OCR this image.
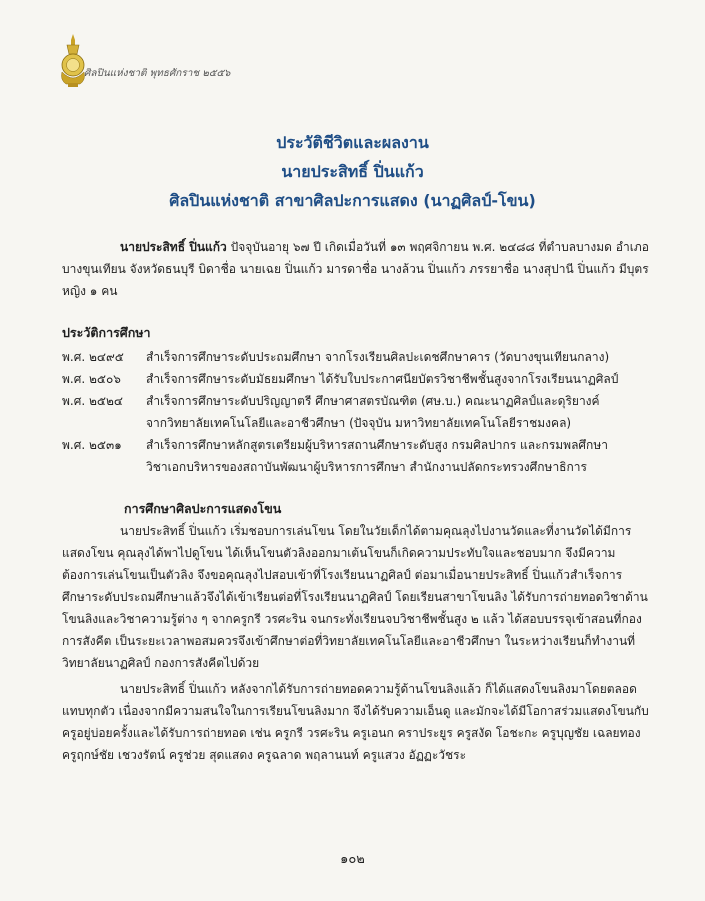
ศิลปินแห่งชาติ พุทธศักราช ๒๕๕๖

ประวัติชีวิตและผลงาน

นายประสิทธิ์ ปิ่นแก้ว

ศิลปินแห่งชาติ สาขาศิลปะการแสดง (นาฏศิลป์-โขน)

นายประสิทธิ์ ปิ่นแก้ว ปัจจุบันอายุ ๖๗ ปี เกิดเมื่อวันที่ ๑๓ พฤศจิกายน พ.ศ. ๒๔๘๘ ที่ตำบลบางมด อำเภอบางขุนเทียน จังหวัดธนบุรี บิดาชื่อ นายเฉย ปิ่นแก้ว มารดาชื่อ นางล้วน ปิ่นแก้ว ภรรยาชื่อ นางสุปานี ปิ่นแก้ว มีบุตรหญิง ๑ คน

ประวัติการศึกษา

พ.ศ. ๒๔๙๕	สำเร็จการศึกษาระดับประถมศึกษา จากโรงเรียนศิลปะเดชศึกษาคาร (วัดบางขุนเทียนกลาง)
พ.ศ. ๒๕๐๖	สำเร็จการศึกษาระดับมัธยมศึกษา ได้รับใบประกาศนียบัตรวิชาชีพชั้นสูงจากโรงเรียนนาฏศิลป์
พ.ศ. ๒๕๒๔	สำเร็จการศึกษาระดับปริญญาตรี ศึกษาศาสตรบัณฑิต (ศษ.บ.) คณะนาฏศิลป์และดุริยางค์
จากวิทยาลัยเทคโนโลยีและอาชีวศึกษา (ปัจจุบัน มหาวิทยาลัยเทคโนโลยีราชมงคล)
พ.ศ. ๒๕๓๑	สำเร็จการศึกษาหลักสูตรเตรียมผู้บริหารสถานศึกษาระดับสูง กรมศิลปากร และกรมพลศึกษา
วิชาเอกบริหารของสถาบันพัฒนาผู้บริหารการศึกษา สำนักงานปลัดกระทรวงศึกษาธิการ

การศึกษาศิลปะการแสดงโขน

นายประสิทธิ์ ปิ่นแก้ว เริ่มชอบการเล่นโขน โดยในวัยเด็กได้ตามคุณลุงไปงานวัดและที่งานวัดได้มีการแสดงโขน คุณลุงได้พาไปดูโขน ได้เห็นโขนตัวลิงออกมาเต้นโขนก็เกิดความประทับใจและชอบมาก จึงมีความต้องการเล่นโขนเป็นตัวลิง จึงขอคุณลุงไปสอบเข้าที่โรงเรียนนาฏศิลป์ ต่อมาเมื่อนายประสิทธิ์ ปิ่นแก้วสำเร็จการศึกษาระดับประถมศึกษาแล้วจึงได้เข้าเรียนต่อที่โรงเรียนนาฏศิลป์ โดยเรียนสาขาโขนลิง ได้รับการถ่ายทอดวิชาด้านโขนลิงและวิชาความรู้ต่าง ๆ จากครูกรี วรศะริน จนกระทั่งเรียนจบวิชาชีพชั้นสูง ๒ แล้ว ได้สอบบรรจุเข้าสอนที่กองการสังคีต เป็นระยะเวลาพอสมควรจึงเข้าศึกษาต่อที่วิทยาลัยเทคโนโลยีและอาชีวศึกษา ในระหว่างเรียนก็ทำงานที่วิทยาลัยนาฏศิลป์ กองการสังคีตไปด้วย

นายประสิทธิ์ ปิ่นแก้ว หลังจากได้รับการถ่ายทอดความรู้ด้านโขนลิงแล้ว ก็ได้แสดงโขนลิงมาโดยตลอดแทบทุกตัว เนื่องจากมีความสนใจในการเรียนโขนลิงมาก จึงได้รับความเอ็นดู และมักจะได้มีโอกาสร่วมแสดงโขนกับครูอยู่บ่อยครั้งและได้รับการถ่ายทอด เช่น ครูกรี วรศะริน ครูเอนก คราประยูร ครูสงัด โอชะกะ ครูบุญชัย เฉลยทอง ครูฤกษ์ชัย เชวงรัตน์ ครูช่วย สุดแสดง ครูฉลาด พฤลานนท์ ครูแสวง อัฏฏะวัชระ

๑๐๒
